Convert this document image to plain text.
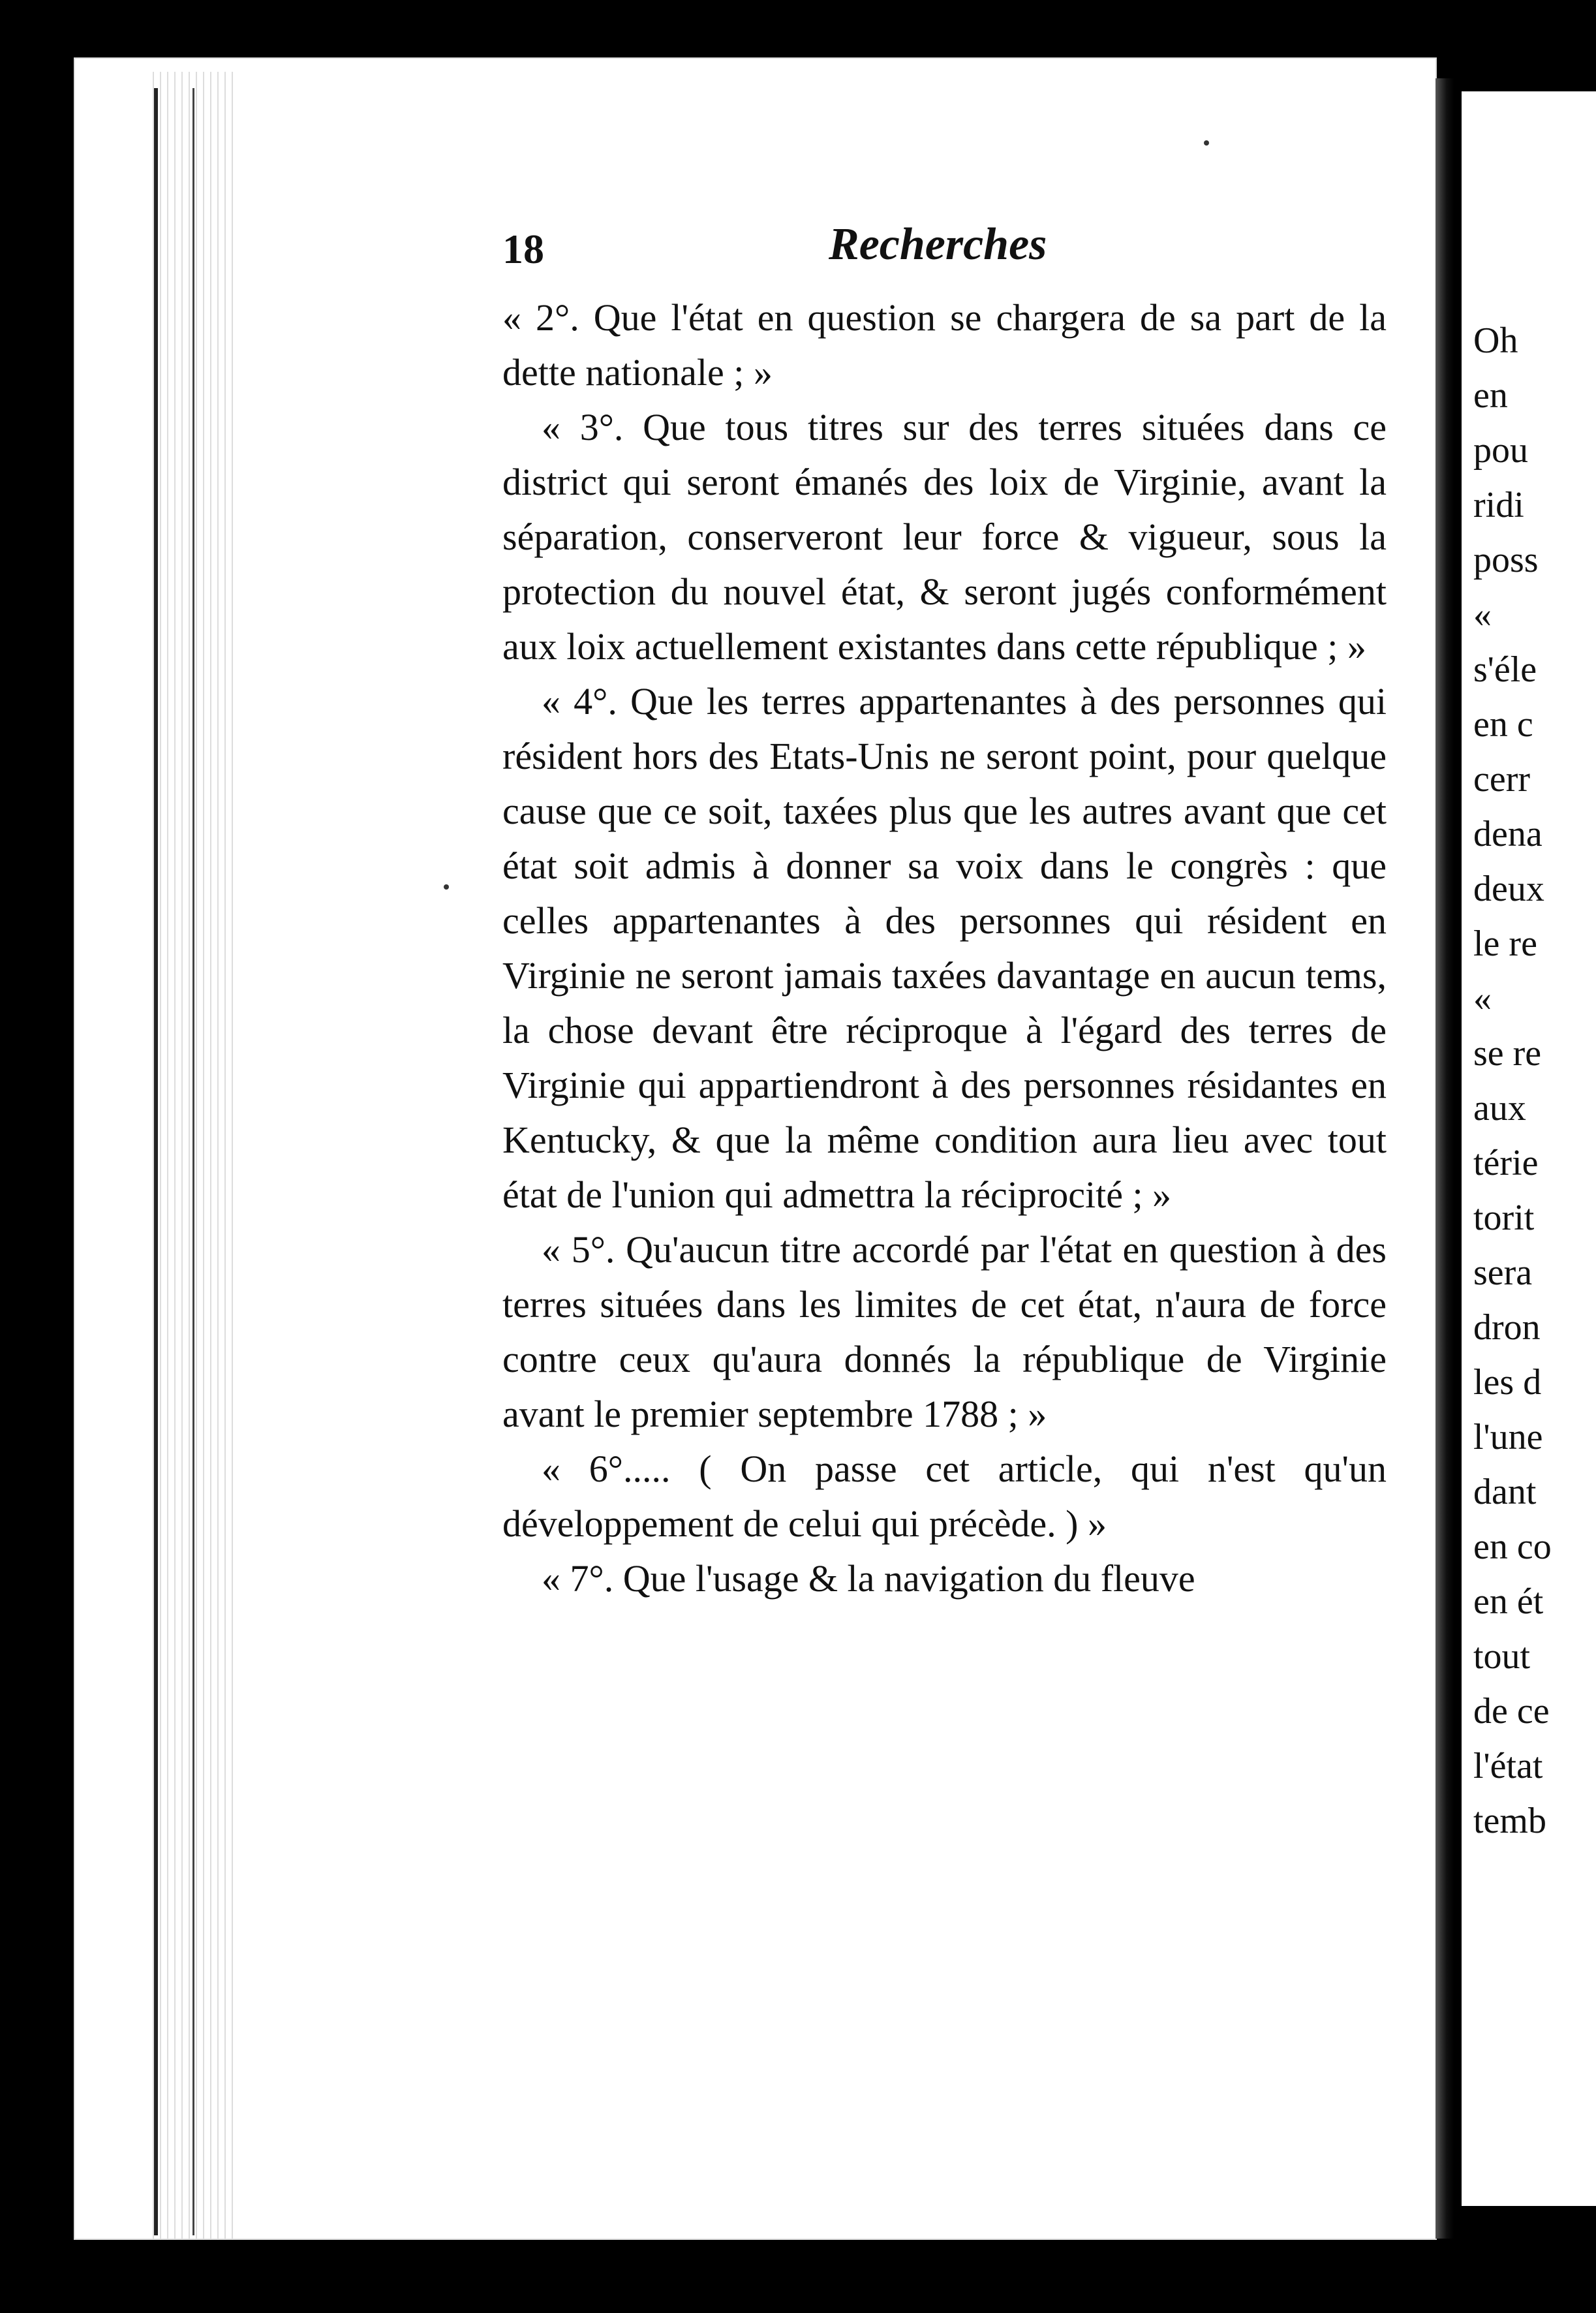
18	Recherches

« 2°. Que l'état en question se chargera de sa part de la dette nationale ; »

« 3°. Que tous titres sur des terres situées dans ce district qui seront émanés des loix de Virginie, avant la séparation, conserveront leur force & vigueur, sous la protection du nouvel état, & seront jugés conformément aux loix actuellement existantes dans cette république ; »

« 4°. Que les terres appartenantes à des personnes qui résident hors des Etats-Unis ne seront point, pour quelque cause que ce soit, taxées plus que les autres avant que cet état soit admis à donner sa voix dans le congrès : que celles appartenantes à des personnes qui résident en Virginie ne seront jamais taxées davantage en aucun tems, la chose devant être réciproque à l'égard des terres de Virginie qui appartiendront à des personnes résidantes en Kentucky, & que la même condition aura lieu avec tout état de l'union qui admettra la réciprocité ; »

« 5°. Qu'aucun titre accordé par l'état en question à des terres situées dans les limites de cet état, n'aura de force contre ceux qu'aura donnés la république de Virginie avant le premier septembre 1788 ; »

« 6°..... ( On passe cet article, qui n'est qu'un développement de celui qui précède. ) »

« 7°. Que l'usage & la navigation du fleuve

Oh
en
pou
ridi
poss
«
s'éle
en c
cerr
dena
deux
le re
«
se re
aux
térie
torit
sera
dron
les d
l'une
dant
en co
en ét
tout
de ce
l'état
temb
